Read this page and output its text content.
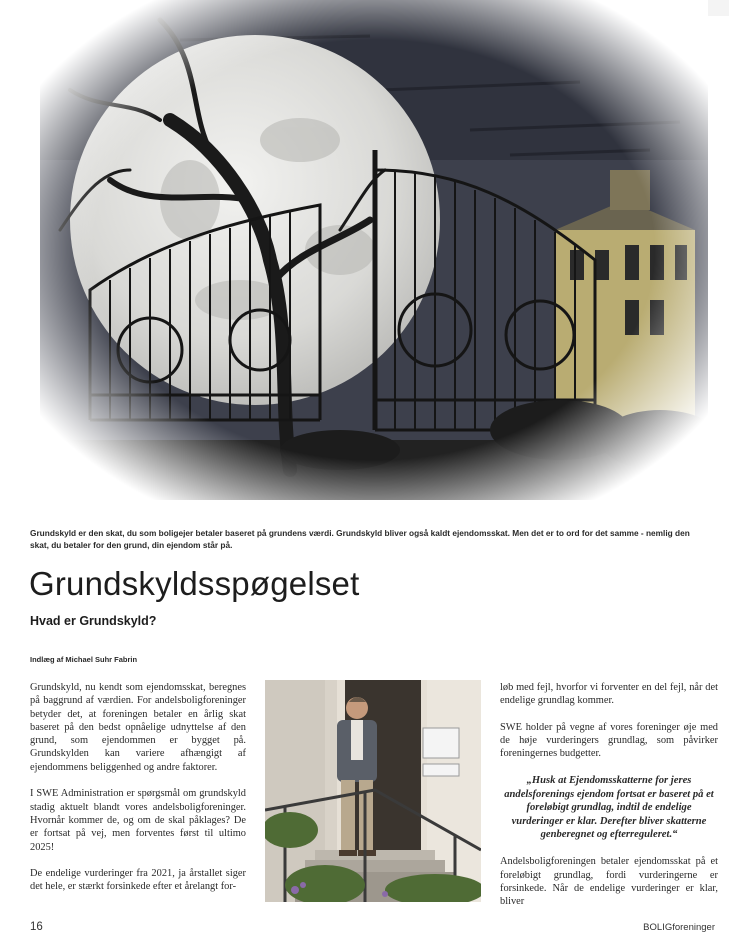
Grundskyld er den skat, du som boligejer betaler baseret på grundens værdi. Grundskyld bliver også kaldt ejendomsskat. Men det er to ord for det samme - nemlig den skat, du betaler for den grund, din ejendom står på.
Grundskyldsspøgelset
Hvad er Grundskyld?
Indlæg af Michael Suhr Fabrin

Grundskyld, nu kendt som ejendomsskat, beregnes på baggrund af værdien. For andelsboligforeninger betyder det, at foreningen betaler en årlig skat baseret på den bedst opnåelige udnyttelse af den grund, som ejendommen er bygget på. Grundskylden kan variere afhængigt af ejendommens beliggenhed og andre faktorer.

I SWE Administration er spørgsmål om grundskyld stadig aktuelt blandt vores andelsboligforeninger. Hvornår kommer de, og om de skal påklages? De er fortsat på vej, men forventes først til ultimo 2025!

De endelige vurderinger fra 2021, ja årstallet siger det hele, er stærkt forsinkede efter et årelangt for-

løb med fejl, hvorfor vi forventer en del fejl, når det endelige grundlag kommer.

SWE holder på vegne af vores foreninger øje med de høje vurderingers grundlag, som påvirker foreningernes budgetter.

„Husk at Ejendomsskatterne for jeres andelsforenings ejendom fortsat er baseret på et foreløbigt grundlag, indtil de endelige vurderinger er klar. Derefter bliver skatterne genberegnet og efterreguleret.“

Andelsboligforeningen betaler ejendomsskat på et foreløbigt grundlag, fordi vurderingerne er forsinkede. Når de endelige vurderinger er klar, bliver

16	BOLIGforeninger
